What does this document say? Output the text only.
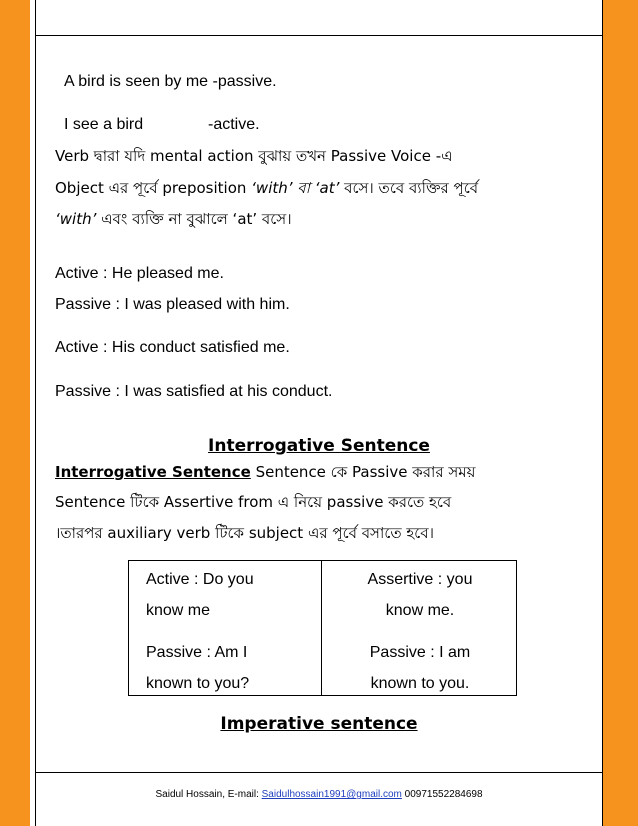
A bird is seen by me -passive.
I see a bird	-active.
Verb দ্বারা যদি mental action বুঝায় তখন Passive Voice -এ
Object এর পূর্বে preposition ‘with’ বা ‘at’ বসে। তবে ব্যক্তির পূর্বে
‘with’ এবং ব্যক্তি না বুঝালে ‘at’ বসে।
Active : He pleased me.
Passive : I was pleased with him.
Active : His conduct satisfied me.
Passive : I was satisfied at his conduct.
Interrogative Sentence
Interrogative Sentence Sentence কে Passive করার সময়
Sentence টিকে Assertive from এ নিয়ে passive করতে হবে
।তারপর auxiliary verb টিকে subject এর পূর্বে বসাতে হবে।
Active : Do you
know me
Assertive : you
know me.
Passive : Am I
known to you?
Passive : I am
known to you.
Imperative sentence
Saidul Hossain, E-mail: Saidulhossain1991@gmail.com 00971552284698
